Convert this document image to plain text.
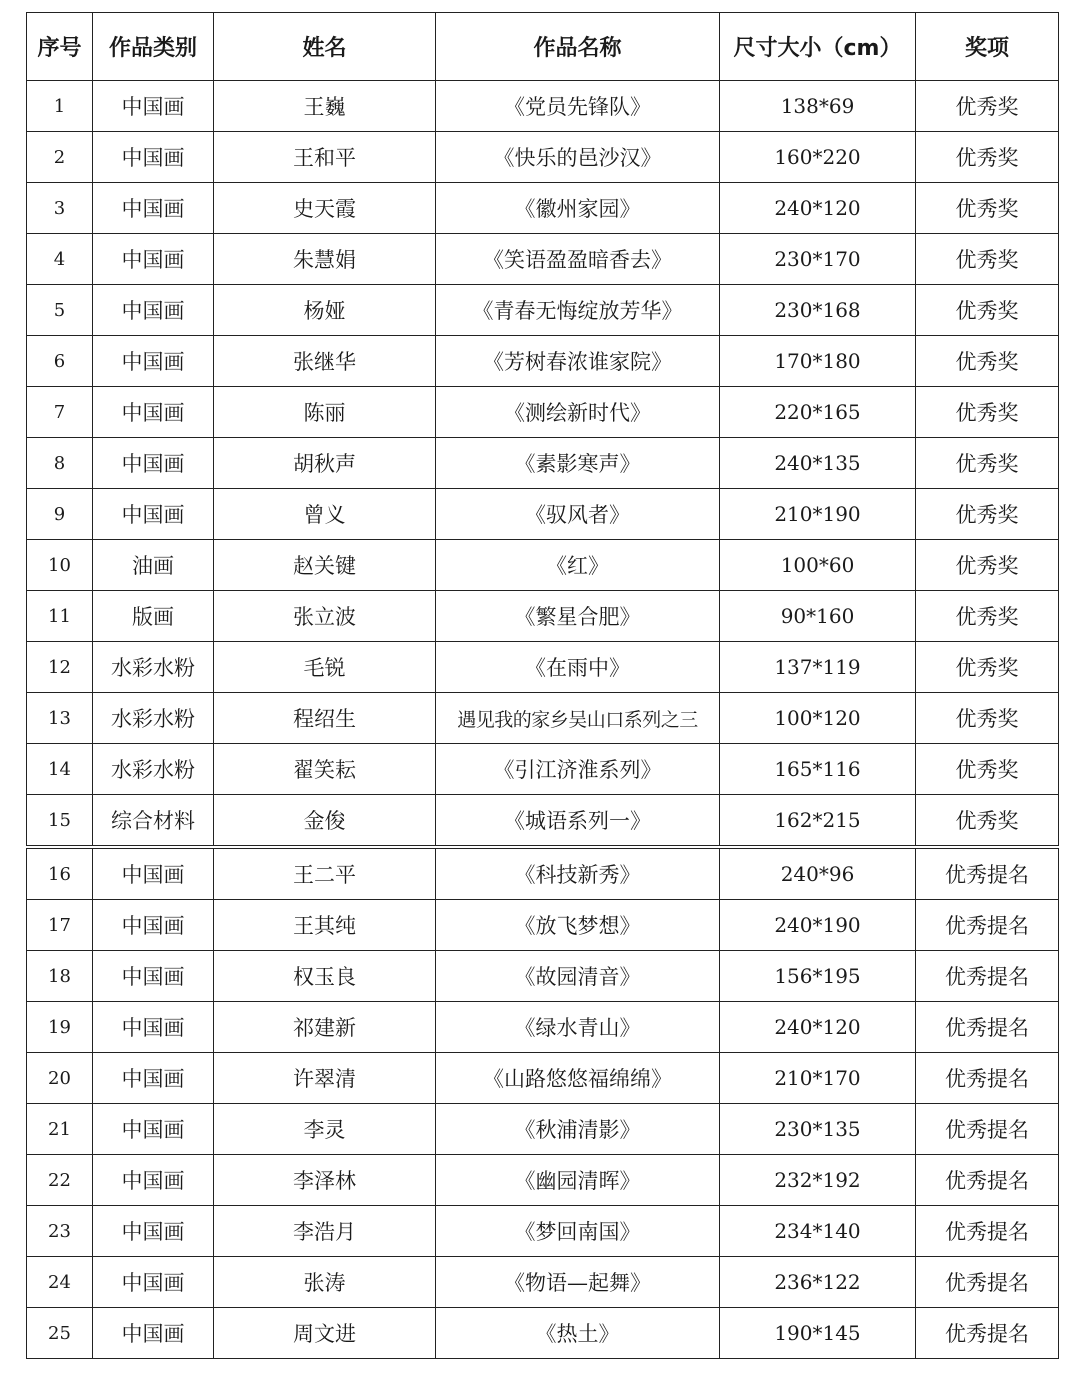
序号	作品类别	姓名	作品名称	尺寸大小（cm）	奖项
1	中国画	王巍	《党员先锋队》	138*69	优秀奖
2	中国画	王和平	《快乐的邑沙汉》	160*220	优秀奖
3	中国画	史天霞	《徽州家园》	240*120	优秀奖
4	中国画	朱慧娟	《笑语盈盈暗香去》	230*170	优秀奖
5	中国画	杨娅	《青春无悔绽放芳华》	230*168	优秀奖
6	中国画	张继华	《芳树春浓谁家院》	170*180	优秀奖
7	中国画	陈丽	《测绘新时代》	220*165	优秀奖
8	中国画	胡秋声	《素影寒声》	240*135	优秀奖
9	中国画	曾义	《驭风者》	210*190	优秀奖
10	油画	赵关键	《红》	100*60	优秀奖
11	版画	张立波	《繁星合肥》	90*160	优秀奖
12	水彩水粉	毛锐	《在雨中》	137*119	优秀奖
13	水彩水粉	程绍生	遇见我的家乡吴山口系列之三	100*120	优秀奖
14	水彩水粉	翟笑耘	《引江济淮系列》	165*116	优秀奖
15	综合材料	金俊	《城语系列一》	162*215	优秀奖
16	中国画	王二平	《科技新秀》	240*96	优秀提名
17	中国画	王其纯	《放飞梦想》	240*190	优秀提名
18	中国画	权玉良	《故园清音》	156*195	优秀提名
19	中国画	祁建新	《绿水青山》	240*120	优秀提名
20	中国画	许翠清	《山路悠悠福绵绵》	210*170	优秀提名
21	中国画	李灵	《秋浦清影》	230*135	优秀提名
22	中国画	李泽林	《幽园清晖》	232*192	优秀提名
23	中国画	李浩月	《梦回南国》	234*140	优秀提名
24	中国画	张涛	《物语—起舞》	236*122	优秀提名
25	中国画	周文进	《热土》	190*145	优秀提名
